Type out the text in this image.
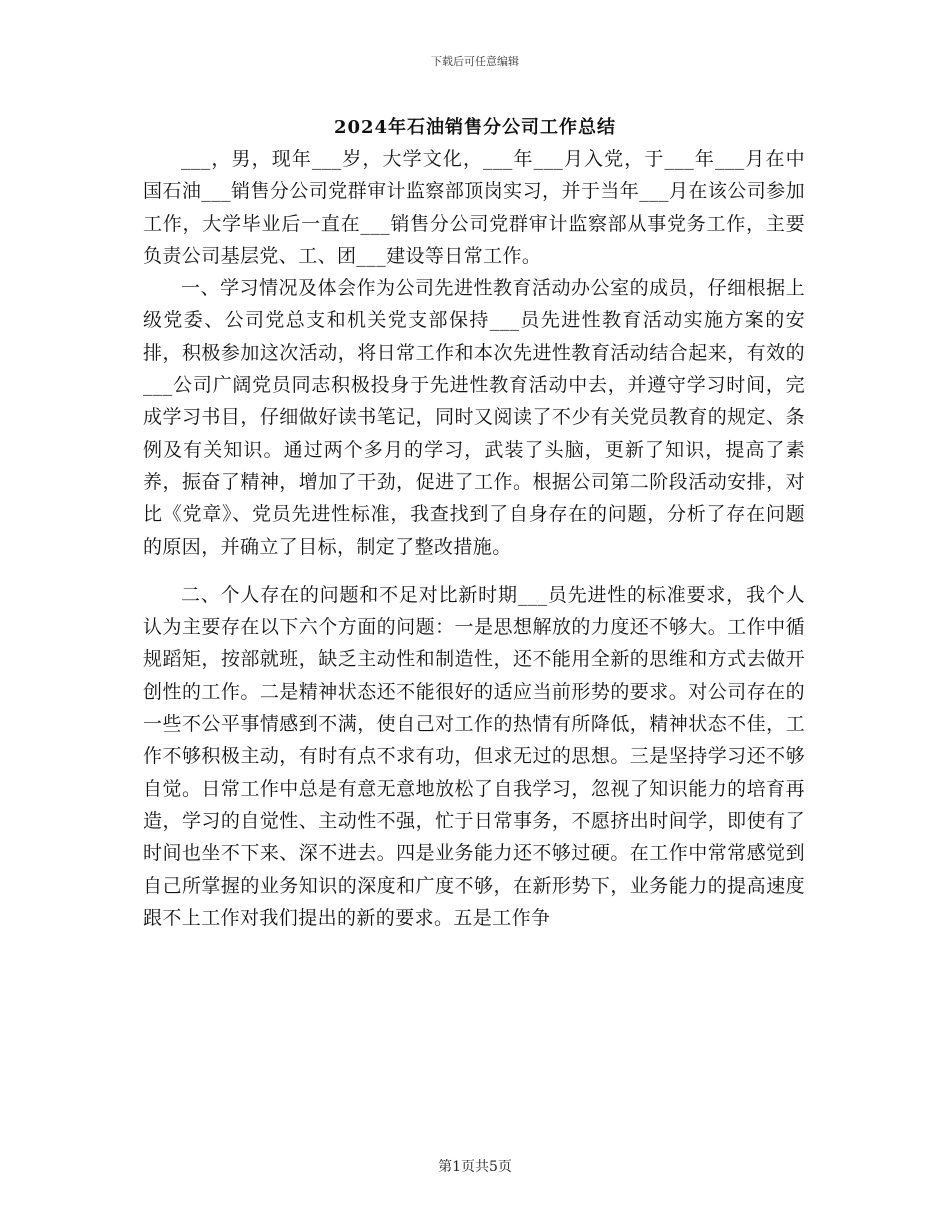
下载后可任意编辑
2024年石油销售分公司工作总结

___，男，现年___岁，大学文化，___年___月入党，于___年___月在中国石油___销售分公司党群审计监察部顶岗实习，并于当年___月在该公司参加工作，大学毕业后一直在___销售分公司党群审计监察部从事党务工作，主要负责公司基层党、工、团___建设等日常工作。

一、学习情况及体会作为公司先进性教育活动办公室的成员，仔细根据上级党委、公司党总支和机关党支部保持___员先进性教育活动实施方案的安排，积极参加这次活动，将日常工作和本次先进性教育活动结合起来，有效的___公司广阔党员同志积极投身于先进性教育活动中去，并遵守学习时间，完成学习书目，仔细做好读书笔记，同时又阅读了不少有关党员教育的规定、条例及有关知识。通过两个多月的学习，武装了头脑，更新了知识，提高了素养，振奋了精神，增加了干劲，促进了工作。根据公司第二阶段活动安排，对比《党章》、党员先进性标准，我查找到了自身存在的问题，分析了存在问题的原因，并确立了目标，制定了整改措施。

二、个人存在的问题和不足对比新时期___员先进性的标准要求，我个人认为主要存在以下六个方面的问题：一是思想解放的力度还不够大。工作中循规蹈矩，按部就班，缺乏主动性和制造性，还不能用全新的思维和方式去做开创性的工作。二是精神状态还不能很好的适应当前形势的要求。对公司存在的一些不公平事情感到不满，使自己对工作的热情有所降低，精神状态不佳，工作不够积极主动，有时有点不求有功，但求无过的思想。三是坚持学习还不够自觉。日常工作中总是有意无意地放松了自我学习，忽视了知识能力的培育再造，学习的自觉性、主动性不强，忙于日常事务，不愿挤出时间学，即使有了时间也坐不下来、深不进去。四是业务能力还不够过硬。在工作中常常感觉到自己所掌握的业务知识的深度和广度不够，在新形势下，业务能力的提高速度跟不上工作对我们提出的新的要求。五是工作争

第1页共5页
